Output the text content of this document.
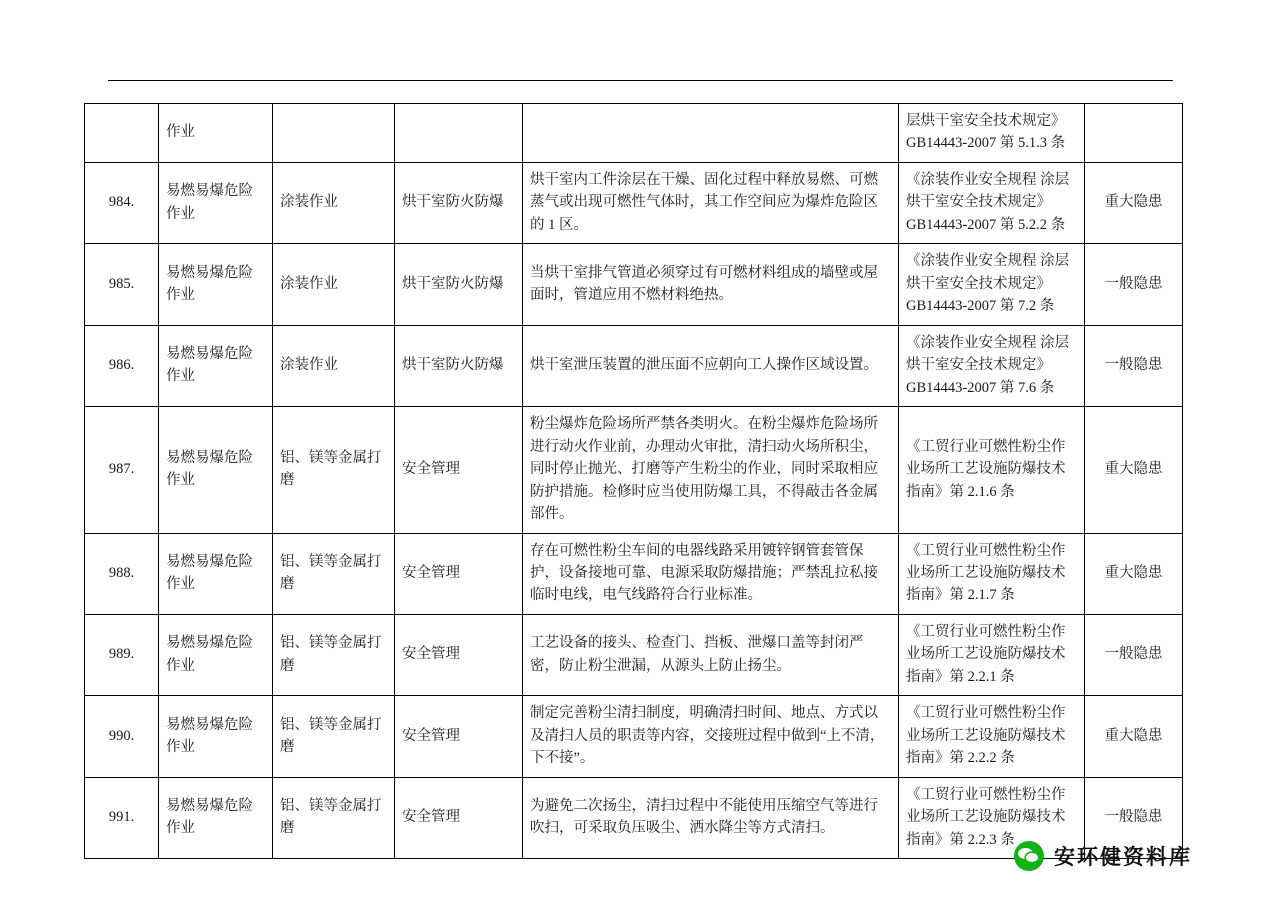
	作业				层烘干室安全技术规定》GB14443-2007 第 5.1.3 条	
984.	易燃易爆危险作业	涂装作业	烘干室防火防爆	烘干室内工件涂层在干燥、固化过程中释放易燃、可燃蒸气或出现可燃性气体时，其工作空间应为爆炸危险区的 1 区。	《涂装作业安全规程 涂层烘干室安全技术规定》GB14443-2007 第 5.2.2 条	重大隐患
985.	易燃易爆危险作业	涂装作业	烘干室防火防爆	当烘干室排气管道必须穿过有可燃材料组成的墙壁或屋面时，管道应用不燃材料绝热。	《涂装作业安全规程 涂层烘干室安全技术规定》GB14443-2007 第 7.2 条	一般隐患
986.	易燃易爆危险作业	涂装作业	烘干室防火防爆	烘干室泄压装置的泄压面不应朝向工人操作区域设置。	《涂装作业安全规程 涂层烘干室安全技术规定》GB14443-2007 第 7.6 条	一般隐患
987.	易燃易爆危险作业	铝、镁等金属打磨	安全管理	粉尘爆炸危险场所严禁各类明火。在粉尘爆炸危险场所进行动火作业前，办理动火审批，清扫动火场所积尘，同时停止抛光、打磨等产生粉尘的作业，同时采取相应防护措施。检修时应当使用防爆工具，不得敲击各金属部件。	《工贸行业可燃性粉尘作业场所工艺设施防爆技术指南》第 2.1.6 条	重大隐患
988.	易燃易爆危险作业	铝、镁等金属打磨	安全管理	存在可燃性粉尘车间的电器线路采用镀锌钢管套管保护，设备接地可靠、电源采取防爆措施；严禁乱拉私接临时电线，电气线路符合行业标准。	《工贸行业可燃性粉尘作业场所工艺设施防爆技术指南》第 2.1.7 条	重大隐患
989.	易燃易爆危险作业	铝、镁等金属打磨	安全管理	工艺设备的接头、检查门、挡板、泄爆口盖等封闭严密，防止粉尘泄漏，从源头上防止扬尘。	《工贸行业可燃性粉尘作业场所工艺设施防爆技术指南》第 2.2.1 条	一般隐患
990.	易燃易爆危险作业	铝、镁等金属打磨	安全管理	制定完善粉尘清扫制度，明确清扫时间、地点、方式以及清扫人员的职责等内容，交接班过程中做到“上不清，下不接”。	《工贸行业可燃性粉尘作业场所工艺设施防爆技术指南》第 2.2.2 条	重大隐患
991.	易燃易爆危险作业	铝、镁等金属打磨	安全管理	为避免二次扬尘，清扫过程中不能使用压缩空气等进行吹扫，可采取负压吸尘、洒水降尘等方式清扫。	《工贸行业可燃性粉尘作业场所工艺设施防爆技术指南》第 2.2.3 条	一般隐患
安环健资料库
